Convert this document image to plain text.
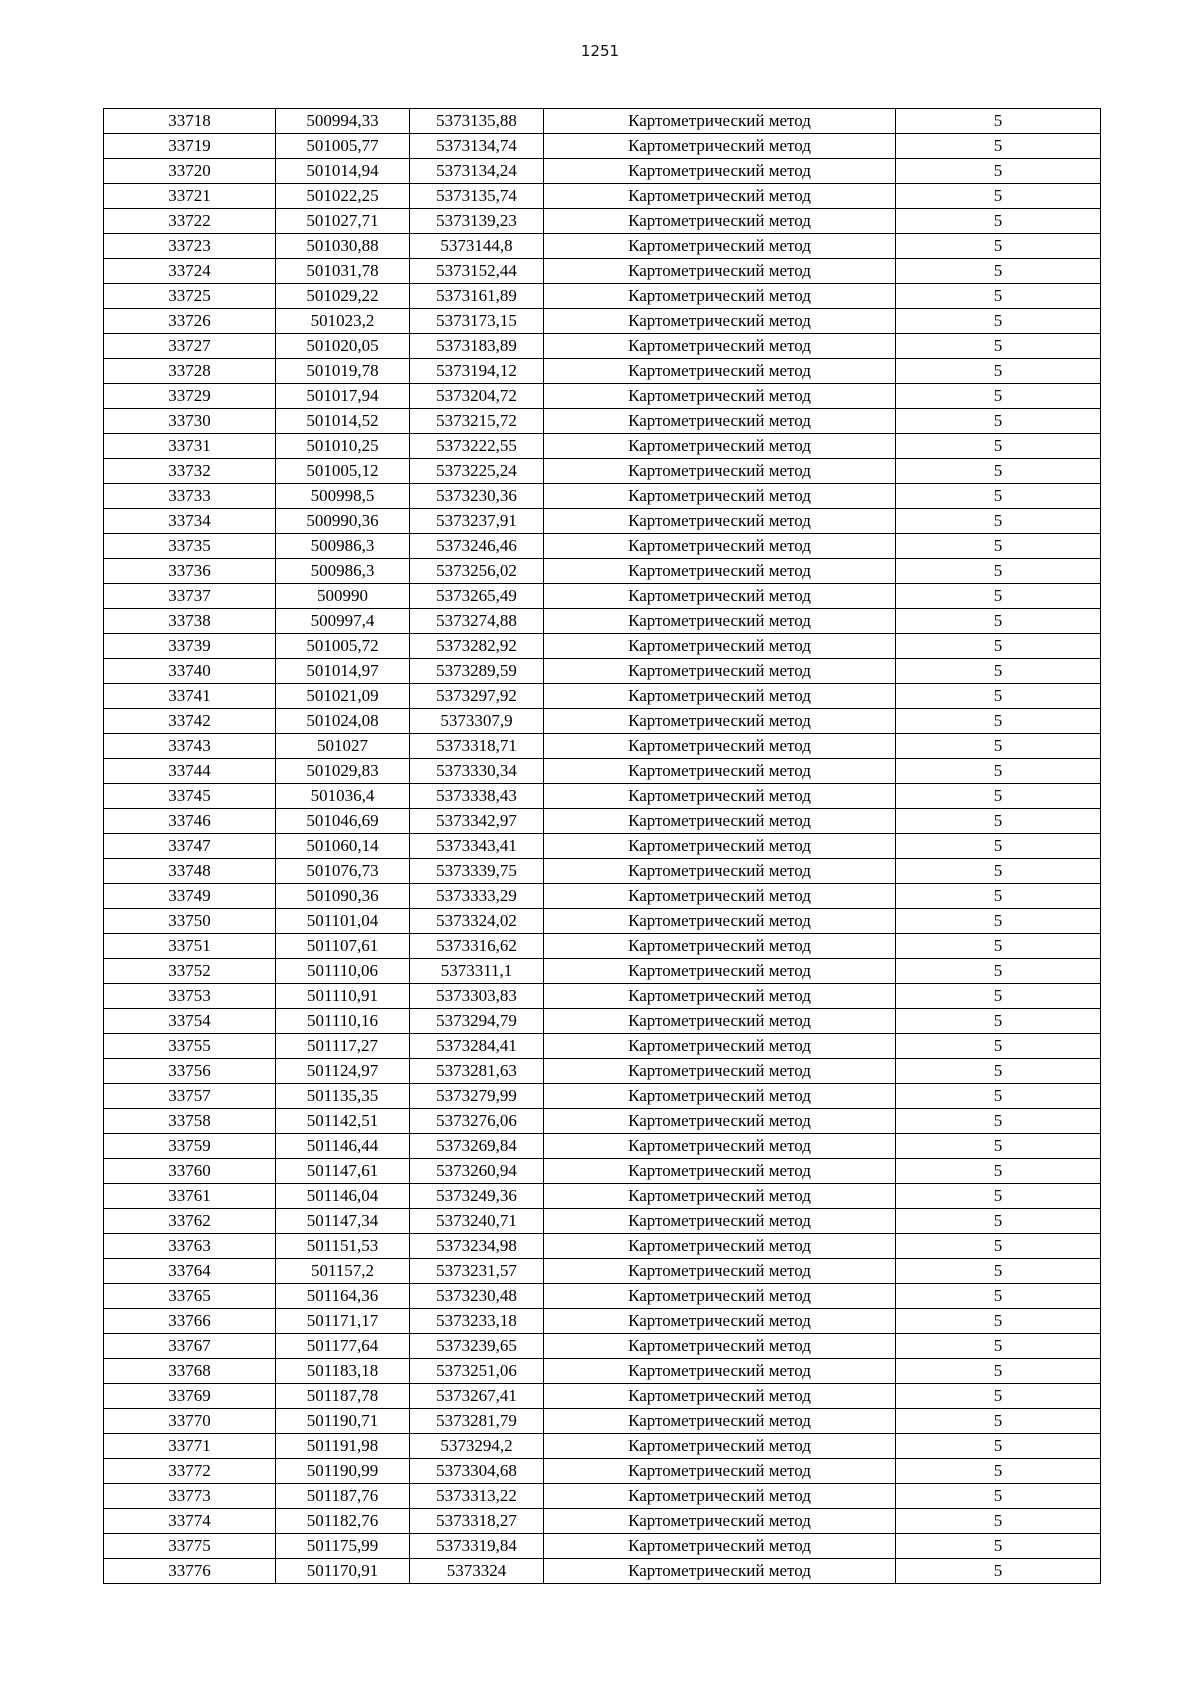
1251
33718	500994,33	5373135,88	Картометрический метод	5
33719	501005,77	5373134,74	Картометрический метод	5
33720	501014,94	5373134,24	Картометрический метод	5
33721	501022,25	5373135,74	Картометрический метод	5
33722	501027,71	5373139,23	Картометрический метод	5
33723	501030,88	5373144,8	Картометрический метод	5
33724	501031,78	5373152,44	Картометрический метод	5
33725	501029,22	5373161,89	Картометрический метод	5
33726	501023,2	5373173,15	Картометрический метод	5
33727	501020,05	5373183,89	Картометрический метод	5
33728	501019,78	5373194,12	Картометрический метод	5
33729	501017,94	5373204,72	Картометрический метод	5
33730	501014,52	5373215,72	Картометрический метод	5
33731	501010,25	5373222,55	Картометрический метод	5
33732	501005,12	5373225,24	Картометрический метод	5
33733	500998,5	5373230,36	Картометрический метод	5
33734	500990,36	5373237,91	Картометрический метод	5
33735	500986,3	5373246,46	Картометрический метод	5
33736	500986,3	5373256,02	Картометрический метод	5
33737	500990	5373265,49	Картометрический метод	5
33738	500997,4	5373274,88	Картометрический метод	5
33739	501005,72	5373282,92	Картометрический метод	5
33740	501014,97	5373289,59	Картометрический метод	5
33741	501021,09	5373297,92	Картометрический метод	5
33742	501024,08	5373307,9	Картометрический метод	5
33743	501027	5373318,71	Картометрический метод	5
33744	501029,83	5373330,34	Картометрический метод	5
33745	501036,4	5373338,43	Картометрический метод	5
33746	501046,69	5373342,97	Картометрический метод	5
33747	501060,14	5373343,41	Картометрический метод	5
33748	501076,73	5373339,75	Картометрический метод	5
33749	501090,36	5373333,29	Картометрический метод	5
33750	501101,04	5373324,02	Картометрический метод	5
33751	501107,61	5373316,62	Картометрический метод	5
33752	501110,06	5373311,1	Картометрический метод	5
33753	501110,91	5373303,83	Картометрический метод	5
33754	501110,16	5373294,79	Картометрический метод	5
33755	501117,27	5373284,41	Картометрический метод	5
33756	501124,97	5373281,63	Картометрический метод	5
33757	501135,35	5373279,99	Картометрический метод	5
33758	501142,51	5373276,06	Картометрический метод	5
33759	501146,44	5373269,84	Картометрический метод	5
33760	501147,61	5373260,94	Картометрический метод	5
33761	501146,04	5373249,36	Картометрический метод	5
33762	501147,34	5373240,71	Картометрический метод	5
33763	501151,53	5373234,98	Картометрический метод	5
33764	501157,2	5373231,57	Картометрический метод	5
33765	501164,36	5373230,48	Картометрический метод	5
33766	501171,17	5373233,18	Картометрический метод	5
33767	501177,64	5373239,65	Картометрический метод	5
33768	501183,18	5373251,06	Картометрический метод	5
33769	501187,78	5373267,41	Картометрический метод	5
33770	501190,71	5373281,79	Картометрический метод	5
33771	501191,98	5373294,2	Картометрический метод	5
33772	501190,99	5373304,68	Картометрический метод	5
33773	501187,76	5373313,22	Картометрический метод	5
33774	501182,76	5373318,27	Картометрический метод	5
33775	501175,99	5373319,84	Картометрический метод	5
33776	501170,91	5373324	Картометрический метод	5
